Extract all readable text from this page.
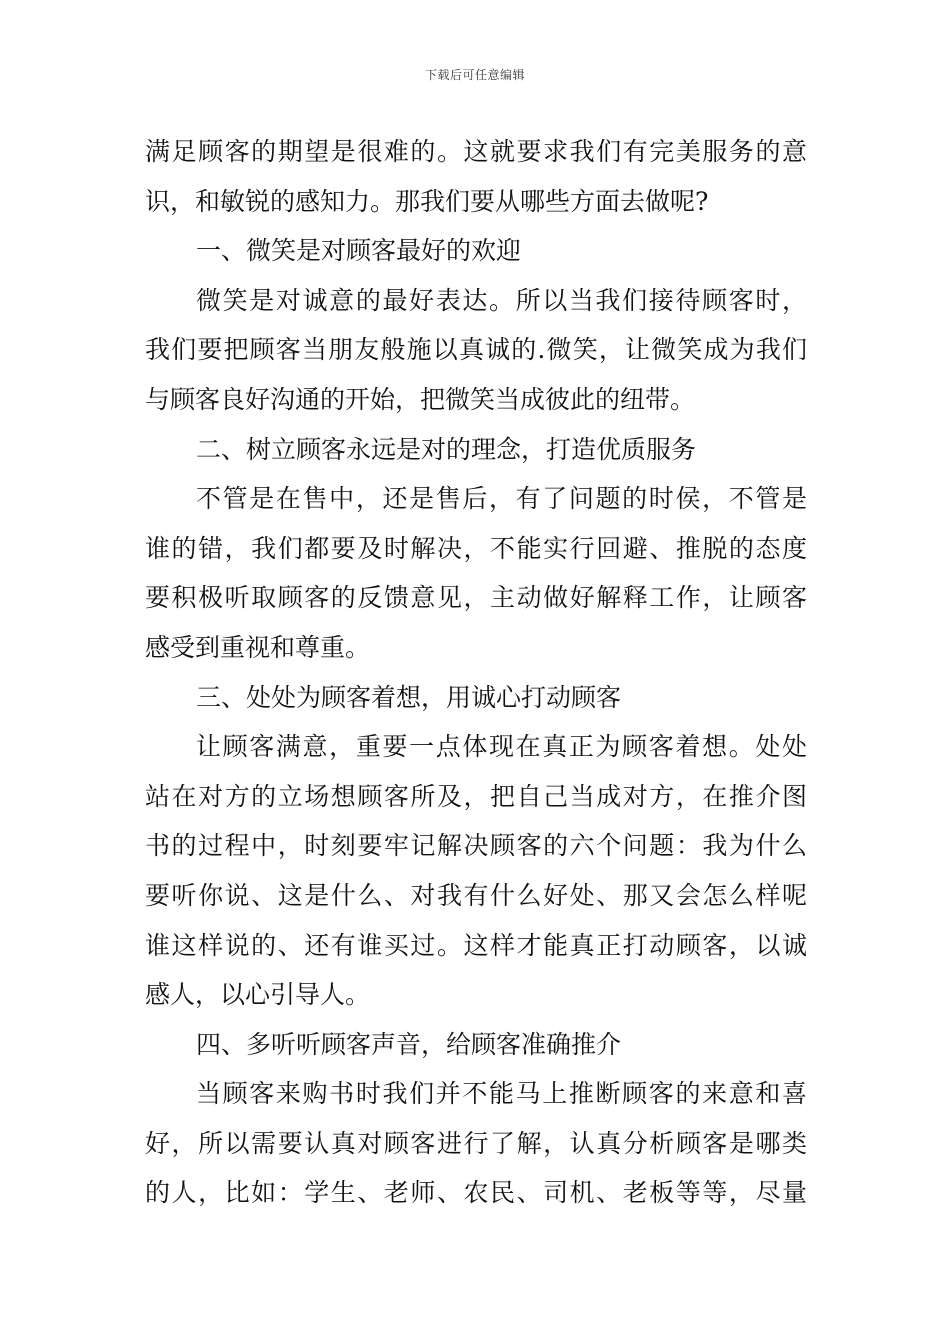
下载后可任意编辑
满足顾客的期望是很难的。这就要求我们有完美服务的意
识，和敏锐的感知力。那我们要从哪些方面去做呢?
一、微笑是对顾客最好的欢迎
微笑是对诚意的最好表达。所以当我们接待顾客时，
我们要把顾客当朋友般施以真诚的.微笑，让微笑成为我们
与顾客良好沟通的开始，把微笑当成彼此的纽带。
二、树立顾客永远是对的理念，打造优质服务
不管是在售中，还是售后，有了问题的时侯，不管是
谁的错，我们都要及时解决，不能实行回避、推脱的态度
要积极听取顾客的反馈意见，主动做好解释工作，让顾客
感受到重视和尊重。
三、处处为顾客着想，用诚心打动顾客
让顾客满意，重要一点体现在真正为顾客着想。处处
站在对方的立场想顾客所及，把自己当成对方，在推介图
书的过程中，时刻要牢记解决顾客的六个问题：我为什么
要听你说、这是什么、对我有什么好处、那又会怎么样呢
谁这样说的、还有谁买过。这样才能真正打动顾客，以诚
感人，以心引导人。
四、多听听顾客声音，给顾客准确推介
当顾客来购书时我们并不能马上推断顾客的来意和喜
好，所以需要认真对顾客进行了解，认真分析顾客是哪类
的人，比如：学生、老师、农民、司机、老板等等，尽量
